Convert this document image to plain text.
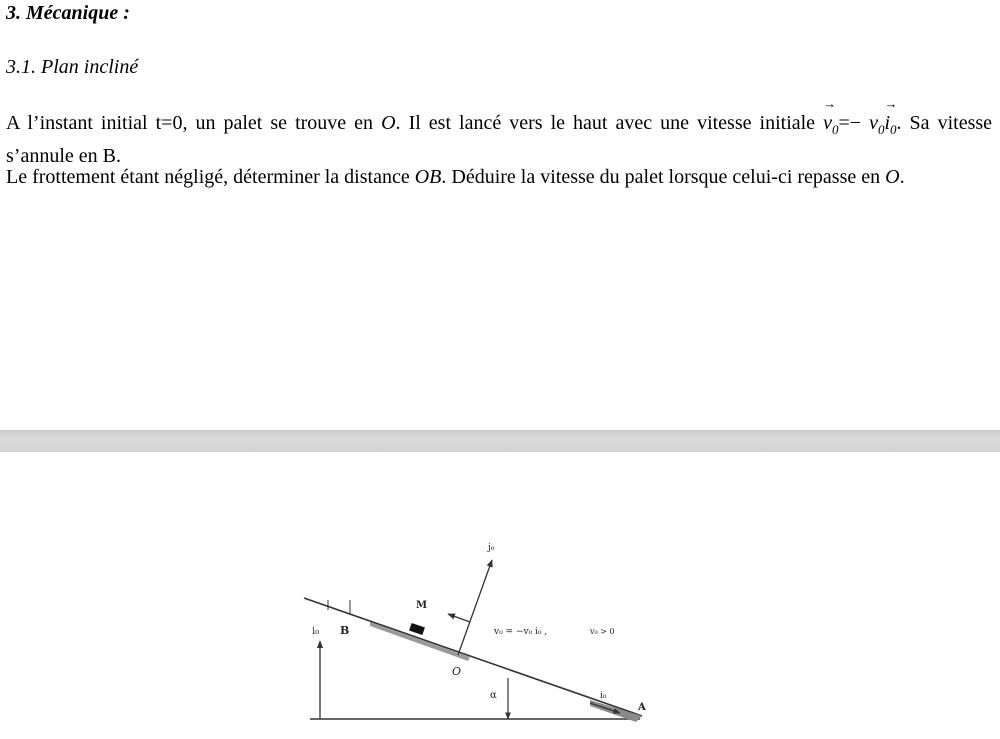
3. Mécanique :
3.1. Plan incliné

A l’instant initial t=0, un palet se trouve en O. Il est lancé vers le haut avec une vitesse initiale → $v_0=- v_0\to i_0$. Sa vitesse s’annule en B.

Le frottement étant négligé, déterminer la distance OB. Déduire la vitesse du palet lorsque celui-ci repasse en O.

i₀ B
M
j₀
v₀ = −v₀ i₀ ,	v₀ > 0
O
α	i₀
A
